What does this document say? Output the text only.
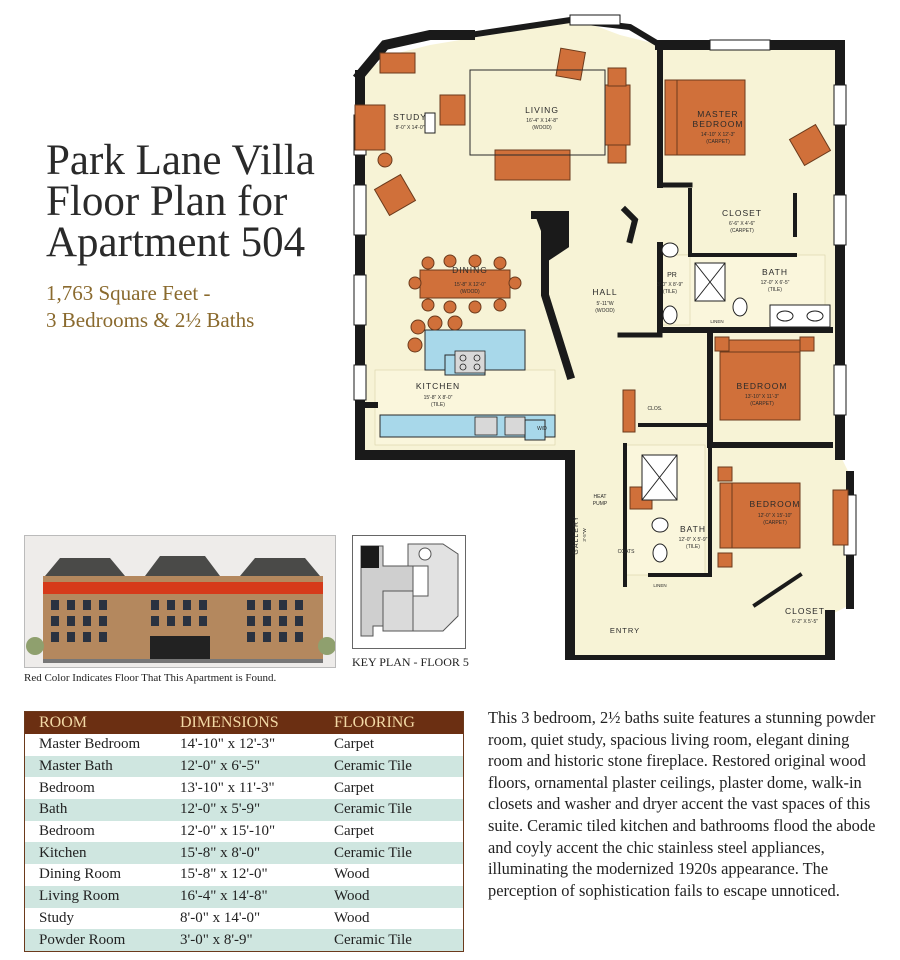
Park Lane Villa
Floor Plan for
Apartment 504
1,763 Square Feet -
3 Bedrooms & 2½ Baths
STUDY
8'-0" X 14'-0"
LIVING
16'-4" X 14'-8"
(WOOD)
MASTER
BEDROOM
14'-10" X 12'-3"
(CARPET)
CLOSET
6'-6" X 4'-6"
(CARPET)
DINING
15'-8" X 12'-0"
(WOOD)	HALL
5'-11"W
(WOOD)
PR
3'-0" X 8'-9"
(TILE)
BATH
12'-0" X 6'-5"
(TILE)
LINEN
KITCHEN
15'-8" X 8'-0"
(TILE)
BEDROOM
13'-10" X 11'-3"
(CARPET)
W/D
CLOS.
HEAT
PUMP
BATH
12'-0" X 5'-9"
(TILE)
BEDROOM
12'-0" X 15'-10"
(CARPET)
GALLERY 3'-5"W
COATS
LINEN
CLOSET
6'-2" X 5'-5"
ENTRY
Red Color Indicates Floor That This Apartment is Found.
KEY PLAN - FLOOR 5
ROOM	DIMENSIONS	FLOORING
Master Bedroom	14'-10" x 12'-3"	Carpet
Master Bath	12'-0" x 6'-5"	Ceramic Tile
Bedroom	13'-10" x 11'-3"	Carpet
Bath	12'-0" x 5'-9"	Ceramic Tile
Bedroom	12'-0" x 15'-10"	Carpet
Kitchen	15'-8" x 8'-0"	Ceramic Tile
Dining Room	15'-8" x 12'-0"	Wood
Living Room	16'-4" x 14'-8"	Wood
Study	8'-0" x 14'-0"	Wood
Powder Room	3'-0" x 8'-9"	Ceramic Tile

This 3 bedroom, 2½ baths suite features a stunning powder room, quiet study, spacious living room, elegant dining room and historic stone fireplace. Restored original wood floors, ornamental plaster ceilings, plaster dome, walk-in closets and washer and dryer accent the vast spaces of this suite. Ceramic tiled kitchen and bathrooms flood the abode and coyly accent the chic stainless steel appliances, illuminating the modernized 1920s appearance. The perception of sophistication fails to escape unnoticed.
